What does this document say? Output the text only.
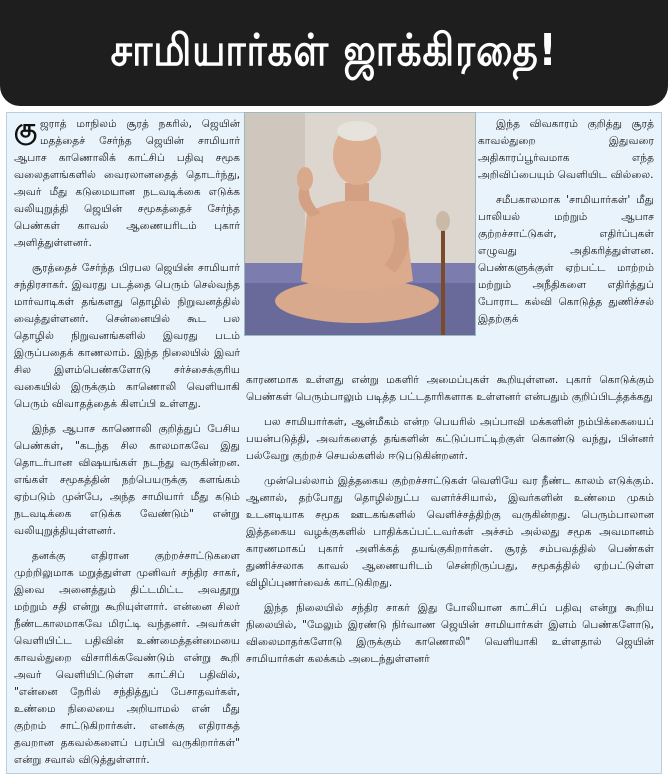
சாமியார்கள் ஜாக்கிரதை!

குஜராத் மாநிலம் சூரத் நகரில், ஜெயின் மதத்தைச் சேர்ந்த ஜெயின் சாமியார் ஆபாச காணொலிக் காட்சிப் பதிவு சமூக வலைதளங்களில் வைரலானதைத் தொடர்ந்து, அவர் மீது கடுமையான நடவடிக்கை எடுக்க வலியுறுத்தி ஜெயின் சமூகத்தைச் சேர்ந்த பெண்கள் காவல் ஆணையரிடம் புகார் அளித்துள்ளனர்.

சூரத்தைச் சேர்ந்த பிரபல ஜெயின் சாமியார் சந்திரசாகர். இவரது படத்தை பெரும் செல்வந்த மார்வாடிகள் தங்களது தொழில் நிறுவனத்தில் வைத்துள்ளனர். சென்னையில் கூட பல தொழில் நிறுவனங்களில் இவரது படம் இருப்பதைக் காணலாம். இந்த நிலையில் இவர் சில இளம்பெண்களோடு சர்ச்சைக்குரிய வகையில் இருக்கும் காணொலி வெளியாகி பெரும் விவாதத்தைக் கிளப்பி உள்ளது.

இந்த ஆபாச காணொலி குறித்துப் பேசிய பெண்கள், "கடந்த சில காலமாகவே இது தொடர்பான விஷயங்கள் நடந்து வருகின்றன. எங்கள் சமூகத்தின் நற்பெயருக்கு களங்கம் ஏற்படும் முன்பே, அந்த சாமியார் மீது கடும் நடவடிக்கை எடுக்க வேண்டும்" என்று வலியுறுத்தியுள்ளனர்.

தனக்கு எதிரான குற்றச்சாட்டுகளை முற்றிலுமாக மறுத்துள்ள முனிவர் சந்திர சாகர், இவை அனைத்தும் திட்டமிட்ட அவதூறு மற்றும் சதி என்று கூறியுள்ளார். என்னை சிலர் நீண்டகாலமாகவே மிரட்டி வந்தனர். அவர்கள் வெளியிட்ட பதிவின் உண்மைத்தன்மையை காவல்துறை விசாரிக்கவேண்டும் என்று கூறி அவர் வெளியிட்டுள்ள காட்சிப் பதிவில், "என்னை நேரில் சந்தித்துப் பேசாதவர்கள், உண்மை நிலையை அறியாமல் என் மீது குற்றம் சாட்டுகிறார்கள். எனக்கு எதிராகத் தவறான தகவல்களைப் பரப்பி வருகிறார்கள்" என்று சவால் விடுத்துள்ளார்.

இந்த விவகாரம் குறித்து சூரத் காவல்துறை இதுவரை அதிகாரப்பூர்வமாக எந்த அறிவிப்பையும் வெளியிட வில்லை.

சமீபகாலமாக 'சாமியார்கள்' மீது பாலியல் மற்றும் ஆபாச குற்றச்சாட்டுகள், எதிர்ப்புகள் எழுவது அதிகரித்துள்ளன. பெண்களுக்குள் ஏற்பட்ட மாற்றம் மற்றும் அநீதிகளை எதிர்த்துப் போராட கல்வி கொடுத்த துணிச்சல் இதற்குக்

காரணமாக உள்ளது என்று மகளிர் அமைப்புகள் கூறியுள்ளன. புகார் கொடுக்கும் பெண்கள் பெரும்பாலும் படித்த பட்டதாரிகளாக உள்ளனர் என்பதும் குறிப்பிடத்தக்கது

பல சாமியார்கள், ஆன்மீகம் என்ற பெயரில் அப்பாவி மக்களின் நம்பிக்கையைப் பயன்படுத்தி, அவர்களைத் தங்களின் கட்டுப்பாட்டிற்குள் கொண்டு வந்து, பின்னர் பல்வேறு குற்றச் செயல்களில் ஈடுபடுகின்றனர்.

முன்பெல்லாம் இத்தகைய குற்றச்சாட்டுகள் வெளியே வர நீண்ட காலம் எடுக்கும். ஆனால், தற்போது தொழில்நுட்ப வளர்ச்சியால், இவர்களின் உண்மை முகம் உடனடியாக சமூக ஊடகங்களில் வெளிச்சத்திற்கு வருகின்றது. பெரும்பாலான இத்தகைய வழக்குகளில் பாதிக்கப்பட்டவர்கள் அச்சம் அல்லது சமூக அவமானம் காரணமாகப் புகார் அளிக்கத் தயங்குகிறார்கள். சூரத் சம்பவத்தில் பெண்கள் துணிச்சலாக காவல் ஆணையரிடம் சென்றிருப்பது, சமூகத்தில் ஏற்பட்டுள்ள விழிப்புணர்வைக் காட்டுகிறது.

இந்த நிலையில் சந்திர சாகர் இது போலியான காட்சிப் பதிவு என்று கூறிய நிலையில், "மேலும் இரண்டு நிர்வாண ஜெயின் சாமியார்கள் இளம் பெண்களோடு, விலைமாதர்களோடு இருக்கும் காணொலி" வெளியாகி உள்ளதால் ஜெயின் சாமியார்கள் கலக்கம் அடைந்துள்ளனர்
